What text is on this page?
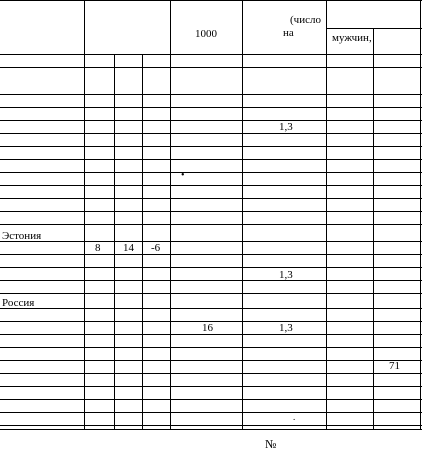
1000
(число
на	мужчин,
1,3
•
Эстония
8 14 -6
1,3
Россия
16	1,3
71
.
№
